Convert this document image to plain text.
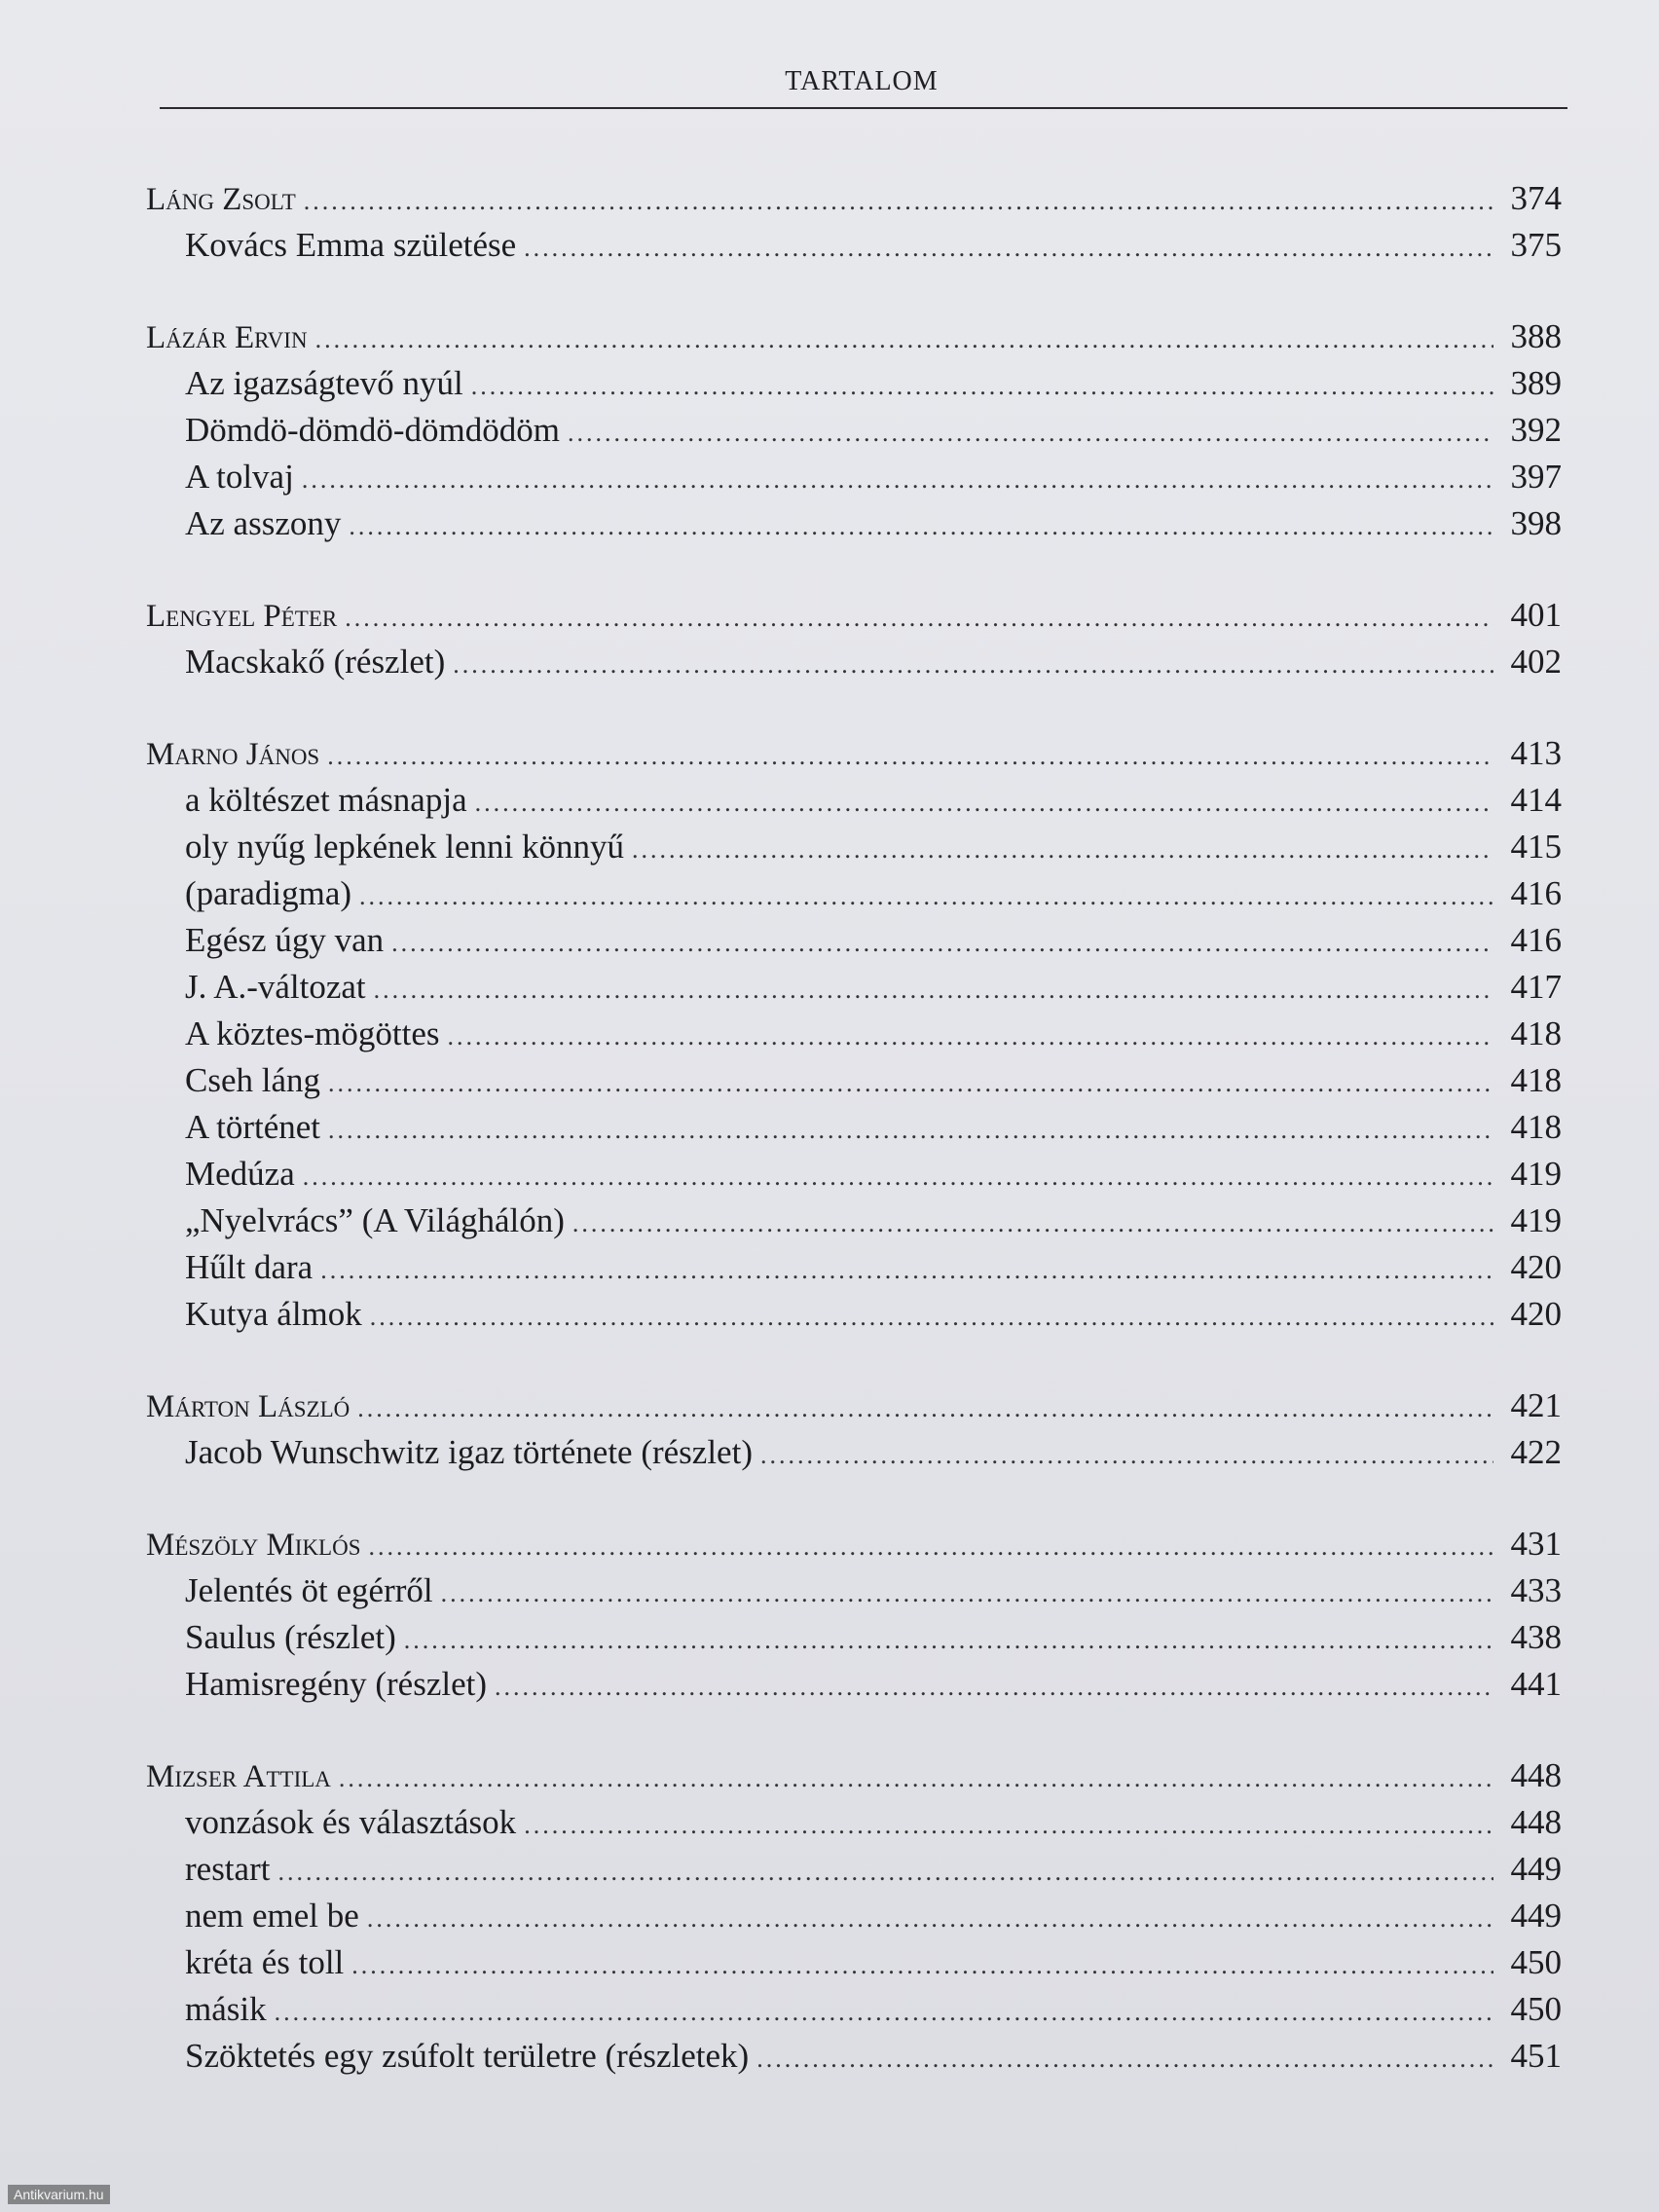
TARTALOM
Láng Zsolt .....	374
Kovács Emma születése .....	375
Lázár Ervin .....	388
Az igazságtevő nyúl .....	389
Dömdö-dömdö-dömdödöm .....	392
A tolvaj .....	397
Az asszony .....	398
Lengyel Péter .....	401
Macskakő (részlet) .....	402
Marno János .....	413
a költészet másnapja .....	414
oly nyűg lepkének lenni könnyű .....	415
(paradigma) .....	416
Egész úgy van .....	416
J. A.-változat .....	417
A köztes-mögöttes .....	418
Cseh láng .....	418
A történet .....	418
Medúza .....	419
„Nyelvrács” (A Világhálón) .....	419
Hűlt dara .....	420
Kutya álmok .....	420
Márton László .....	421
Jacob Wunschwitz igaz története (részlet) .....	422
Mészöly Miklós .....	431
Jelentés öt egérről .....	433
Saulus (részlet) .....	438
Hamisregény (részlet) .....	441
Mizser Attila .....	448
vonzások és választások .....	448
restart .....	449
nem emel be .....	449
kréta és toll .....	450
másik .....	450
Szöktetés egy zsúfolt területre (részletek) .....	451
Antikvarium.hu
